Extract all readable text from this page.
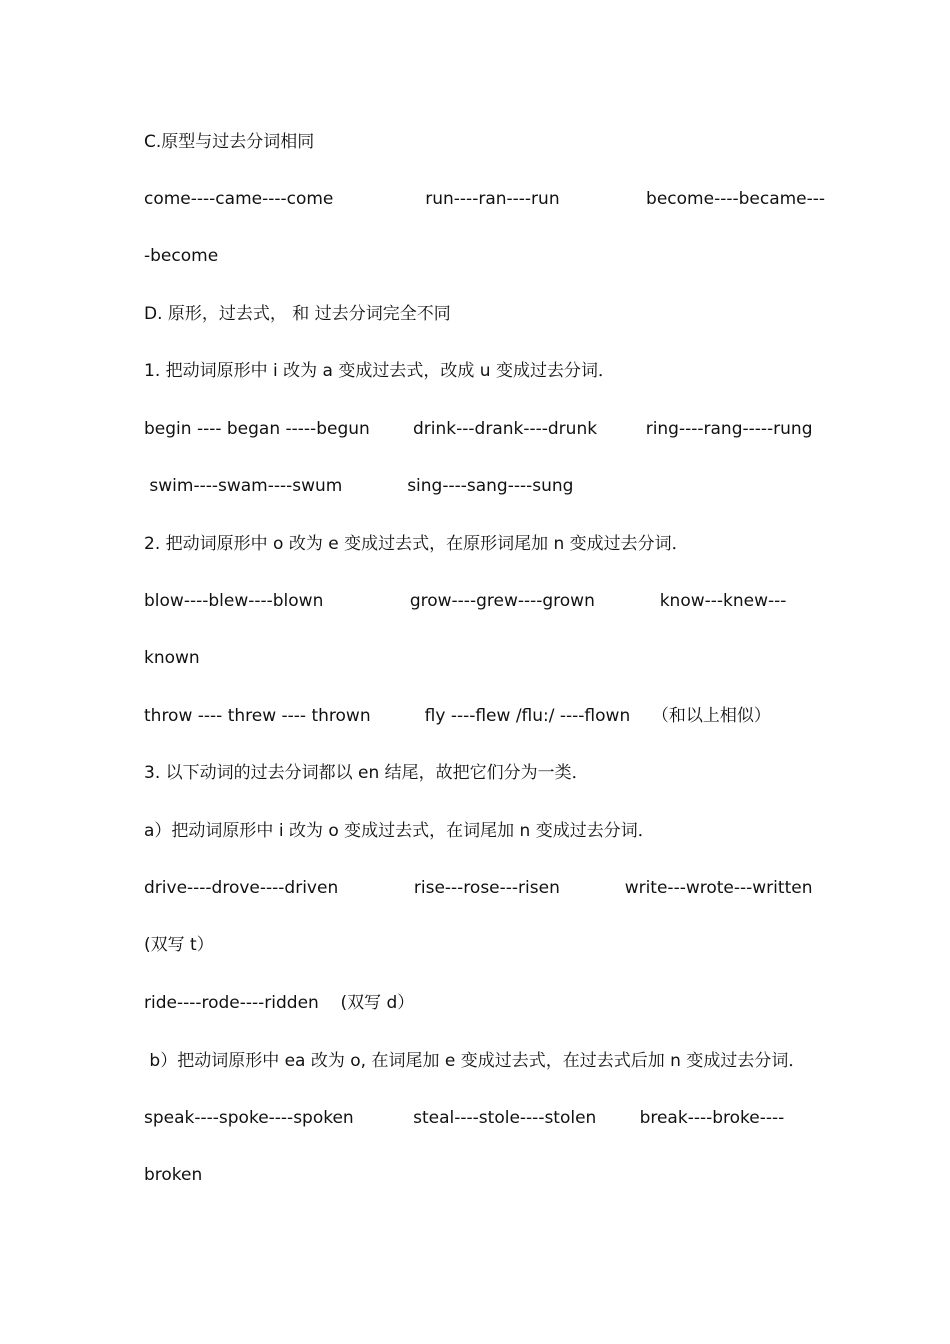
C.原型与过去分词相同
come----came----come                 run----ran----run                become----became---
-become
D. 原形，过去式， 和 过去分词完全不同
1. 把动词原形中 i 改为 a 变成过去式，改成 u 变成过去分词．
begin ---- began -----begun        drink---drank----drunk         ring----rang-----rung
swim----swam----swum            sing----sang----sung
2. 把动词原形中 o 改为 e 变成过去式，在原形词尾加 n 变成过去分词．
blow----blew----blown                grow----grew----grown            know---knew---
known
throw ---- threw ---- thrown          fly ----flew /flu:/ ----flown    （和以上相似）
3. 以下动词的过去分词都以 en 结尾，故把它们分为一类．
a）把动词原形中 i 改为 o 变成过去式，在词尾加 n 变成过去分词．
drive----drove----driven              rise---rose---risen            write---wrote---written
(双写 t）
ride----rode----ridden    (双写 d）
b）把动词原形中 ea 改为 o, 在词尾加 e 变成过去式，在过去式后加 n 变成过去分词．
speak----spoke----spoken           steal----stole----stolen        break----broke----
broken
